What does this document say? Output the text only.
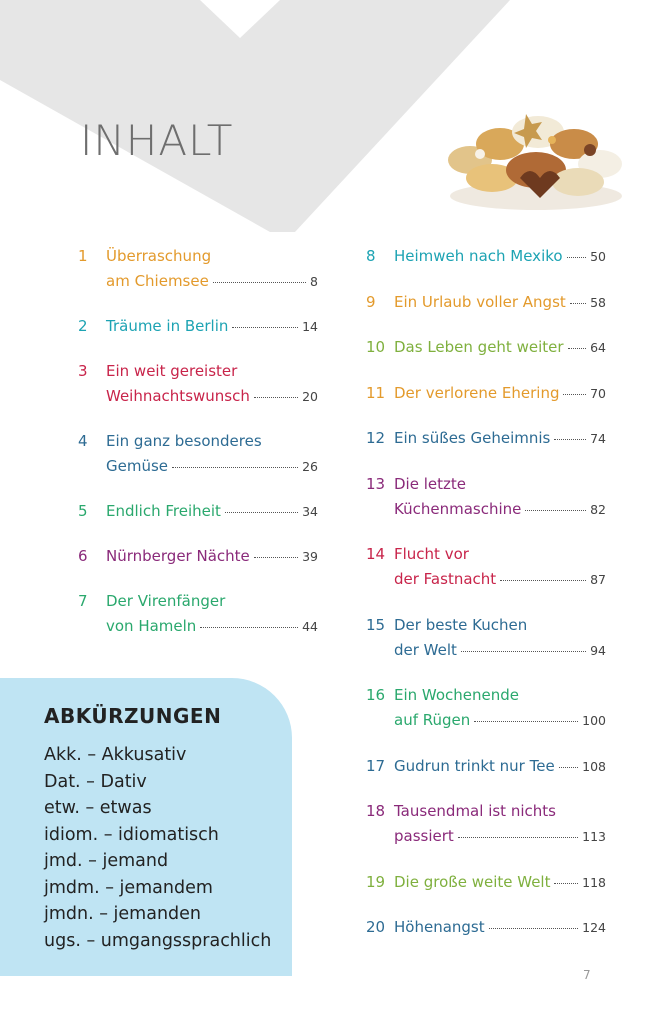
INHALT
1 Überraschung
am Chiemsee	8
2 Träume in Berlin	14
3 Ein weit gereister
Weihnachtswunsch	20
4 Ein ganz besonderes
Gemüse	26
5 Endlich Freiheit	34
6 Nürnberger Nächte	39
7 Der Virenfänger
von Hameln	44
8 Heimweh nach Mexiko 50
9 Ein Urlaub voller Angst 58
10 Das Leben geht weiter 64
11 Der verlorene Ehering 70
12 Ein süßes Geheimnis	74
13 Die letzte
Küchenmaschine	82
14 Flucht vor
der Fastnacht	87
15 Der beste Kuchen
der Welt	94
16 Ein Wochenende
auf Rügen	100
17 Gudrun trinkt nur Tee 108
18 Tausendmal ist nichts
passiert	113
19 Die große weite Welt	118
20 Höhenangst	124
ABKÜRZUNGEN
Akk. – Akkusativ
Dat. – Dativ
etw. – etwas
idiom. – idiomatisch
jmd. – jemand
jmdm. – jemandem
jmdn. – jemanden
ugs. – umgangssprachlich
7
